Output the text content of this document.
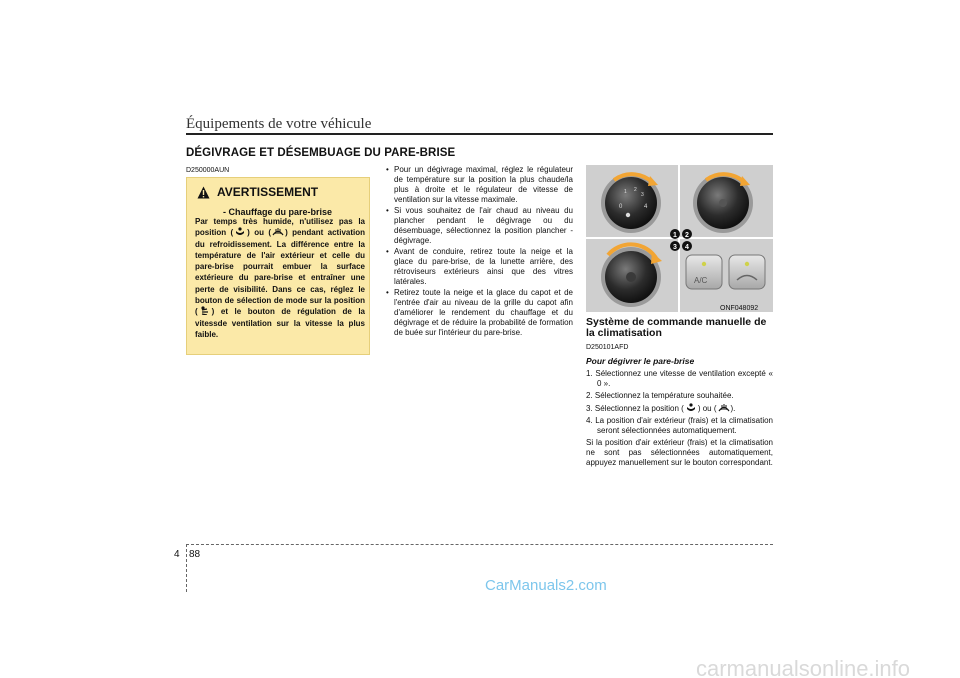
Équipements de votre véhicule
DÉGIVRAGE ET DÉSEMBUAGE DU PARE-BRISE
D250000AUN
AVERTISSEMENT
- Chauffage du pare-brise
Par temps très humide, n'utilisez pas la position ( ) ou ( ) pendant activation du refroidissement. La différence entre la température de l'air extérieur et celle du pare-brise pourrait embuer la surface extérieure du pare-brise et entraîner une perte de visibilité. Dans ce cas, réglez le bouton de sélection de mode sur la position ( ) et le bouton de régulation de la vitessde ventilation sur la vitesse la plus faible.
• Pour un dégivrage maximal, réglez le régulateur de température sur la position la plus chaude/la plus à droite et le régulateur de vitesse de ventilation sur la vitesse maximale.
• Si vous souhaitez de l'air chaud au niveau du plancher pendant le dégivrage ou du désembuage, sélectionnez la position plancher - dégivrage.
• Avant de conduire, retirez toute la neige et la glace du pare-brise, de la lunette arrière, des rétroviseurs extérieurs ainsi que des vitres latérales.
• Retirez toute la neige et la glace du capot et de l'entrée d'air au niveau de la grille du capot afin d'améliorer le rendement du chauffage et du dégivrage et de réduire la probabilité de formation de buée sur l'intérieur du pare-brise.
0
1 2
3
4
A/C
1 2
3 4
ONF048092
Système de commande manuelle de la climatisation
D250101AFD
Pour dégivrer le pare-brise
1. Sélectionnez une vitesse de ventilation excepté « 0 ».
2. Sélectionnez la température souhaitée.
3. Sélectionnez la position ( ) ou ( ).
4. La position d'air extérieur (frais) et la climatisation seront sélectionnées automatiquement.

Si la position d'air extérieur (frais) et la climatisation ne sont pas sélectionnées automatiquement, appuyez manuellement sur le bouton correspondant.

4 88
CarManuals2.com
carmanualsonline.info
